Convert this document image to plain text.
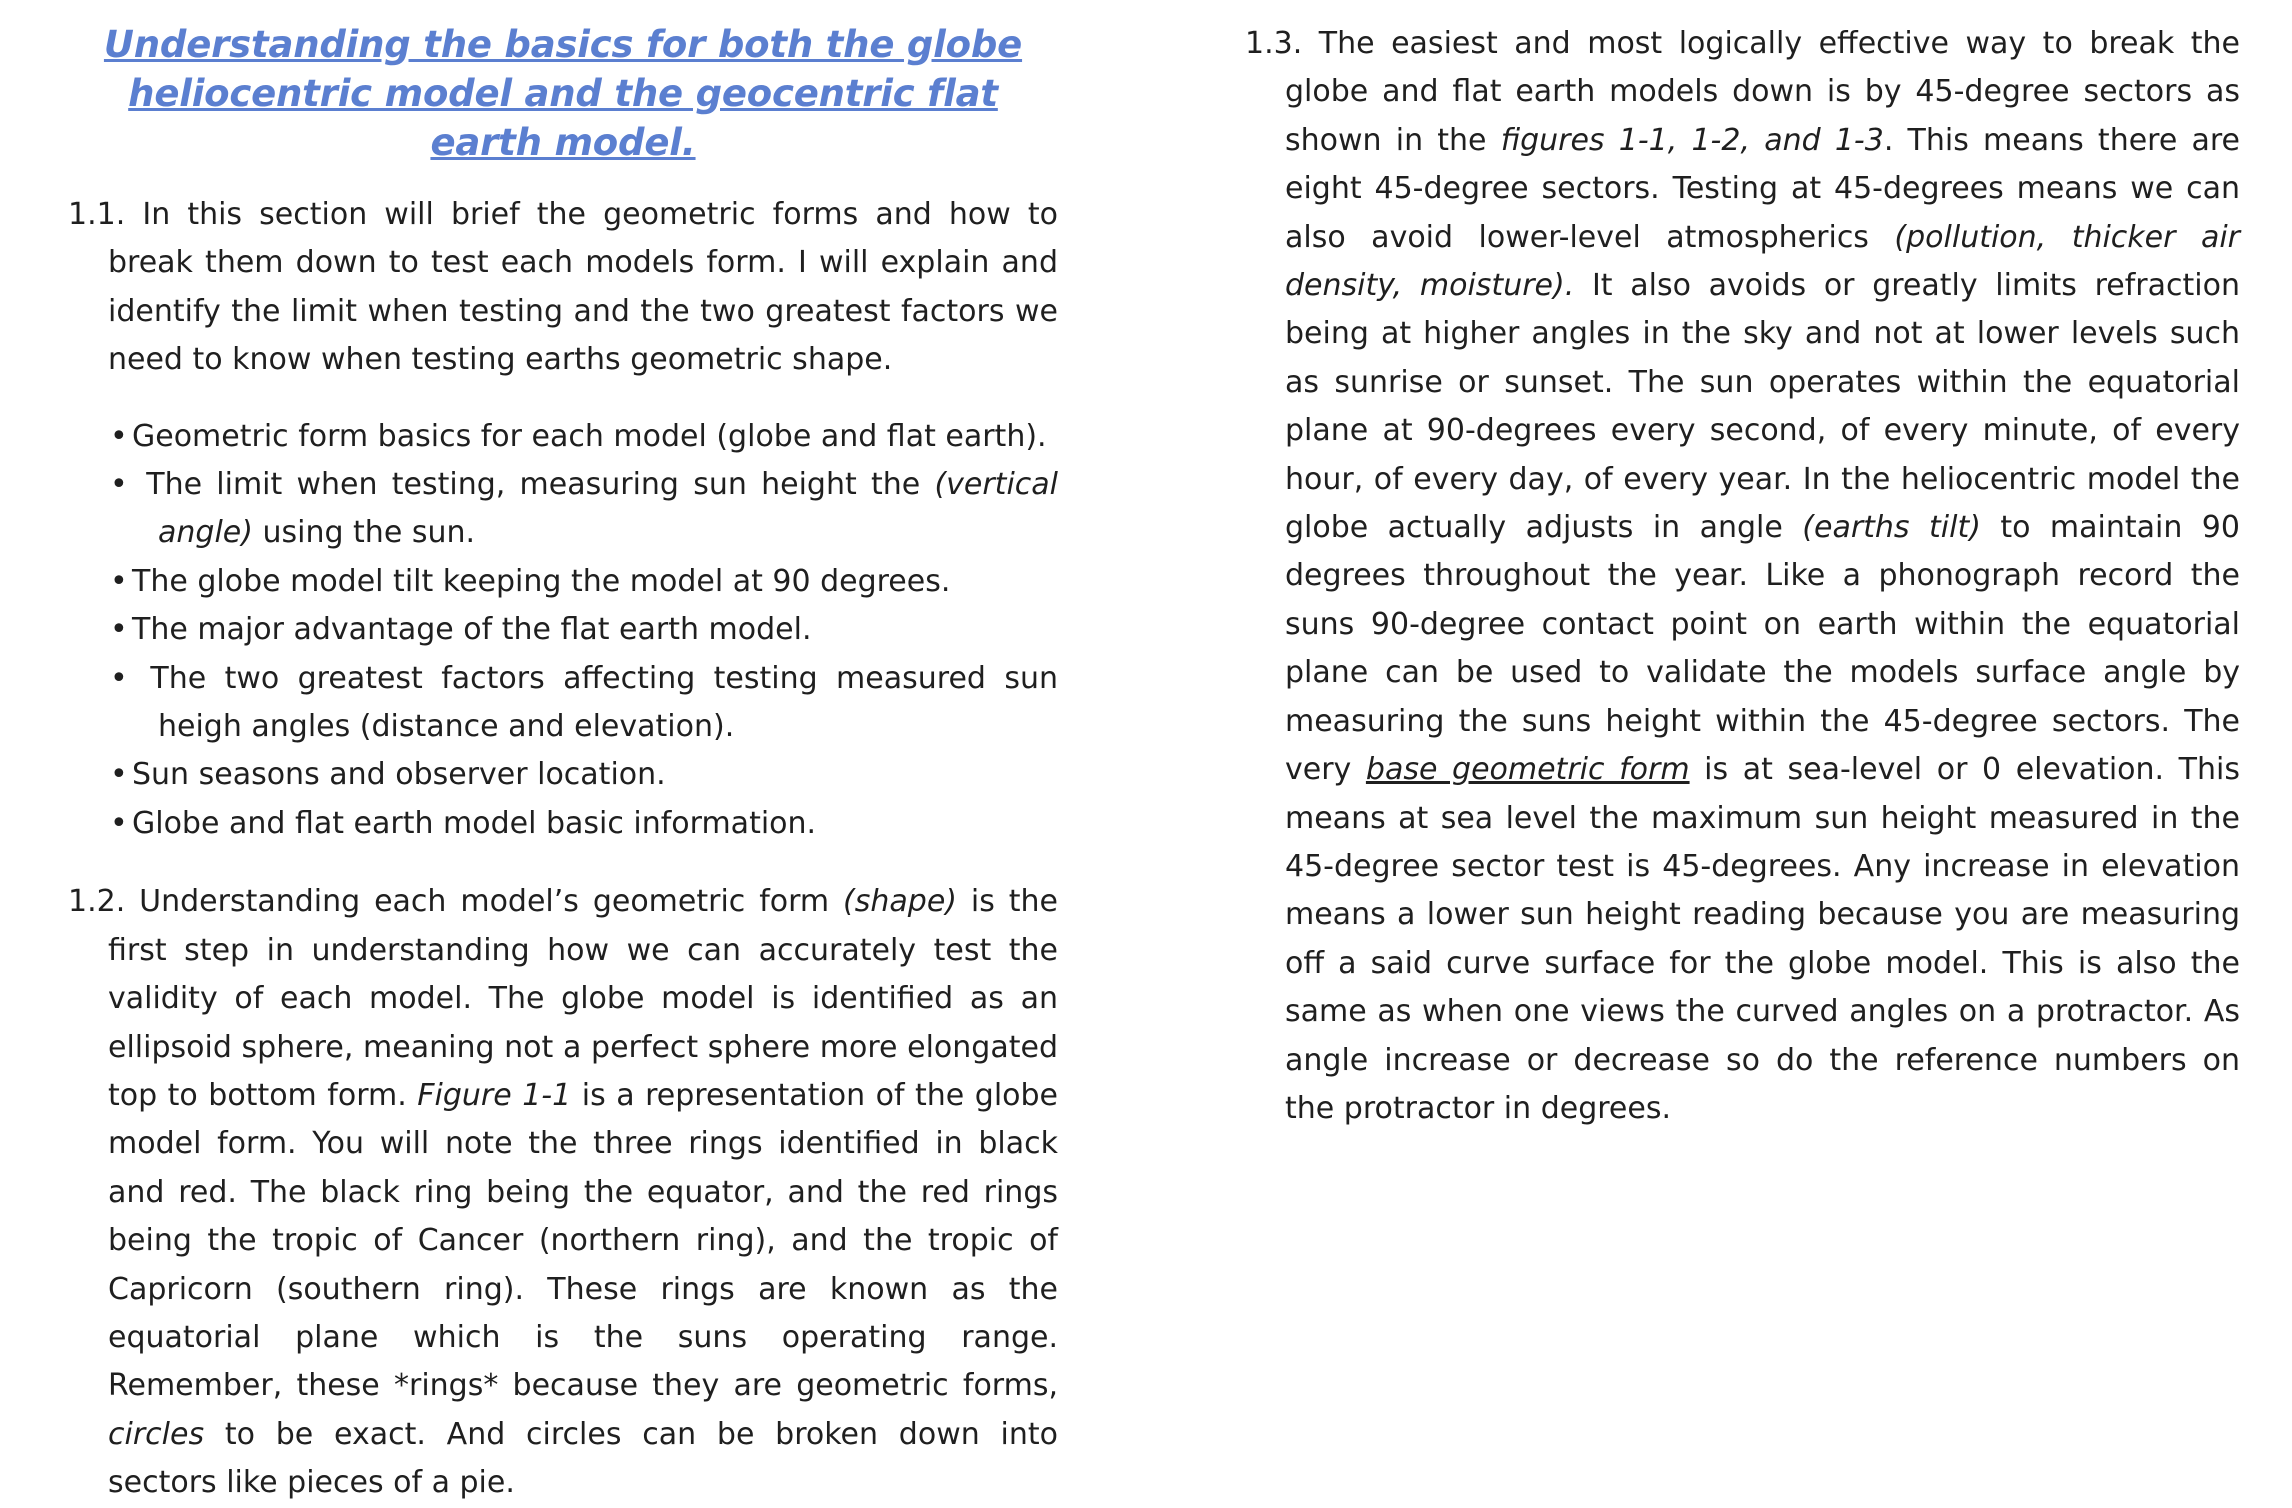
Understanding the basics for both the globe
heliocentric model and the geocentric flat earth model.

1.1. In this section will brief the geometric forms and how to break them down to test each models form. I will explain and identify the limit when testing and the two greatest factors we need to know when testing earths geometric shape.

• Geometric form basics for each model (globe and flat earth).
• The limit when testing, measuring sun height the (vertical angle) using the sun.
• The globe model tilt keeping the model at 90 degrees.
• The major advantage of the flat earth model.
• The two greatest factors affecting testing measured sun heigh angles (distance and elevation).
• Sun seasons and observer location.
• Globe and flat earth model basic information.

1.2. Understanding each model’s geometric form (shape) is the first step in understanding how we can accurately test the validity of each model. The globe model is identified as an ellipsoid sphere, meaning not a perfect sphere more elongated top to bottom form. Figure 1-1 is a representation of the globe model form. You will note the three rings identified in black and red. The black ring being the equator, and the red rings being the tropic of Cancer (northern ring), and the tropic of Capricorn (southern ring). These rings are known as the equatorial plane which is the suns operating range. Remember, these *rings* because they are geometric forms, circles to be exact. And circles can be broken down into sectors like pieces of a pie.

1.3. The easiest and most logically effective way to break the globe and flat earth models down is by 45-degree sectors as shown in the figures 1-1, 1-2, and 1-3. This means there are eight 45-degree sectors. Testing at 45-degrees means we can also avoid lower-level atmospherics (pollution, thicker air density, moisture). It also avoids or greatly limits refraction being at higher angles in the sky and not at lower levels such as sunrise or sunset. The sun operates within the equatorial plane at 90-degrees every second, of every minute, of every hour, of every day, of every year. In the heliocentric model the globe actually adjusts in angle (earths tilt) to maintain 90 degrees throughout the year. Like a phonograph record the suns 90-degree contact point on earth within the equatorial plane can be used to validate the models surface angle by measuring the suns height within the 45-degree sectors. The very base geometric form is at sea-level or 0 elevation. This means at sea level the maximum sun height measured in the 45-degree sector test is 45-degrees. Any increase in elevation means a lower sun height reading because you are measuring off a said curve surface for the globe model. This is also the same as when one views the curved angles on a protractor. As angle increase or decrease so do the reference numbers on the protractor in degrees.
